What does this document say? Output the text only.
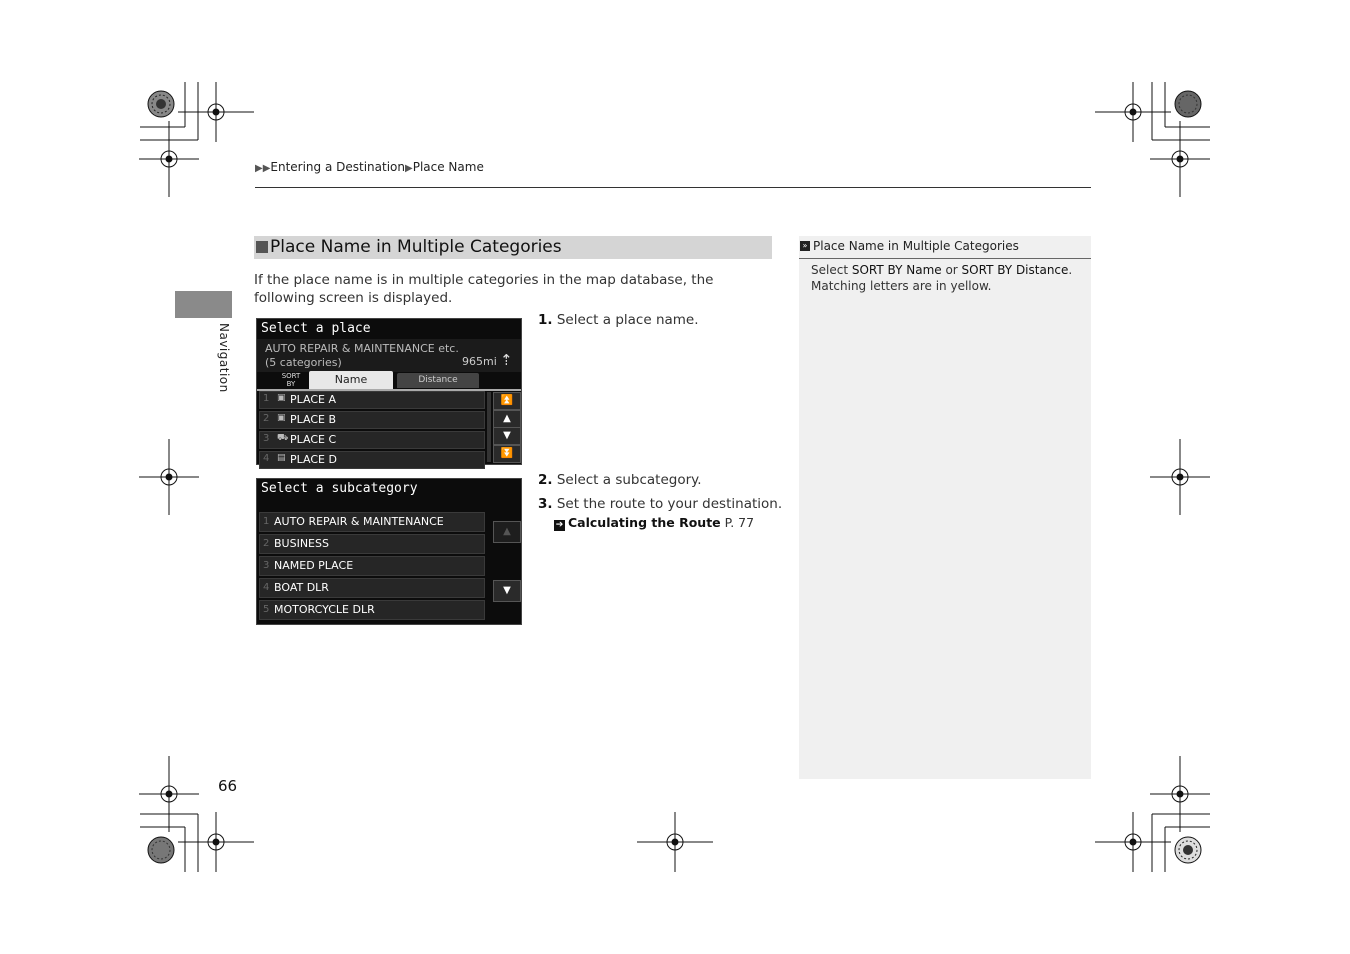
▶▶Entering a Destination▶Place Name
Navigation
Place Name in Multiple Categories
If the place name is in multiple categories in the map database, the following screen is displayed.
Select a place
AUTO REPAIR & MAINTENANCE etc.
(5 categories)	965mi ⇡
SORT BY	Name	Distance
1 ▣ PLACE A
2 ▣ PLACE B
3 ⛟ PLACE C
4 ▤ PLACE D
⏫
▲
▼
⏬
Select a subcategory
1 AUTO REPAIR & MAINTENANCE
2 BUSINESS
3 NAMED PLACE
4 BOAT DLR
5 MOTORCYCLE DLR
▲
▼
1. Select a place name.
2. Select a subcategory.
3. Set the route to your destination.
➔ Calculating the Route P. 77
» Place Name in Multiple Categories
Select SORT BY Name or SORT BY Distance.
Matching letters are in yellow.
66
